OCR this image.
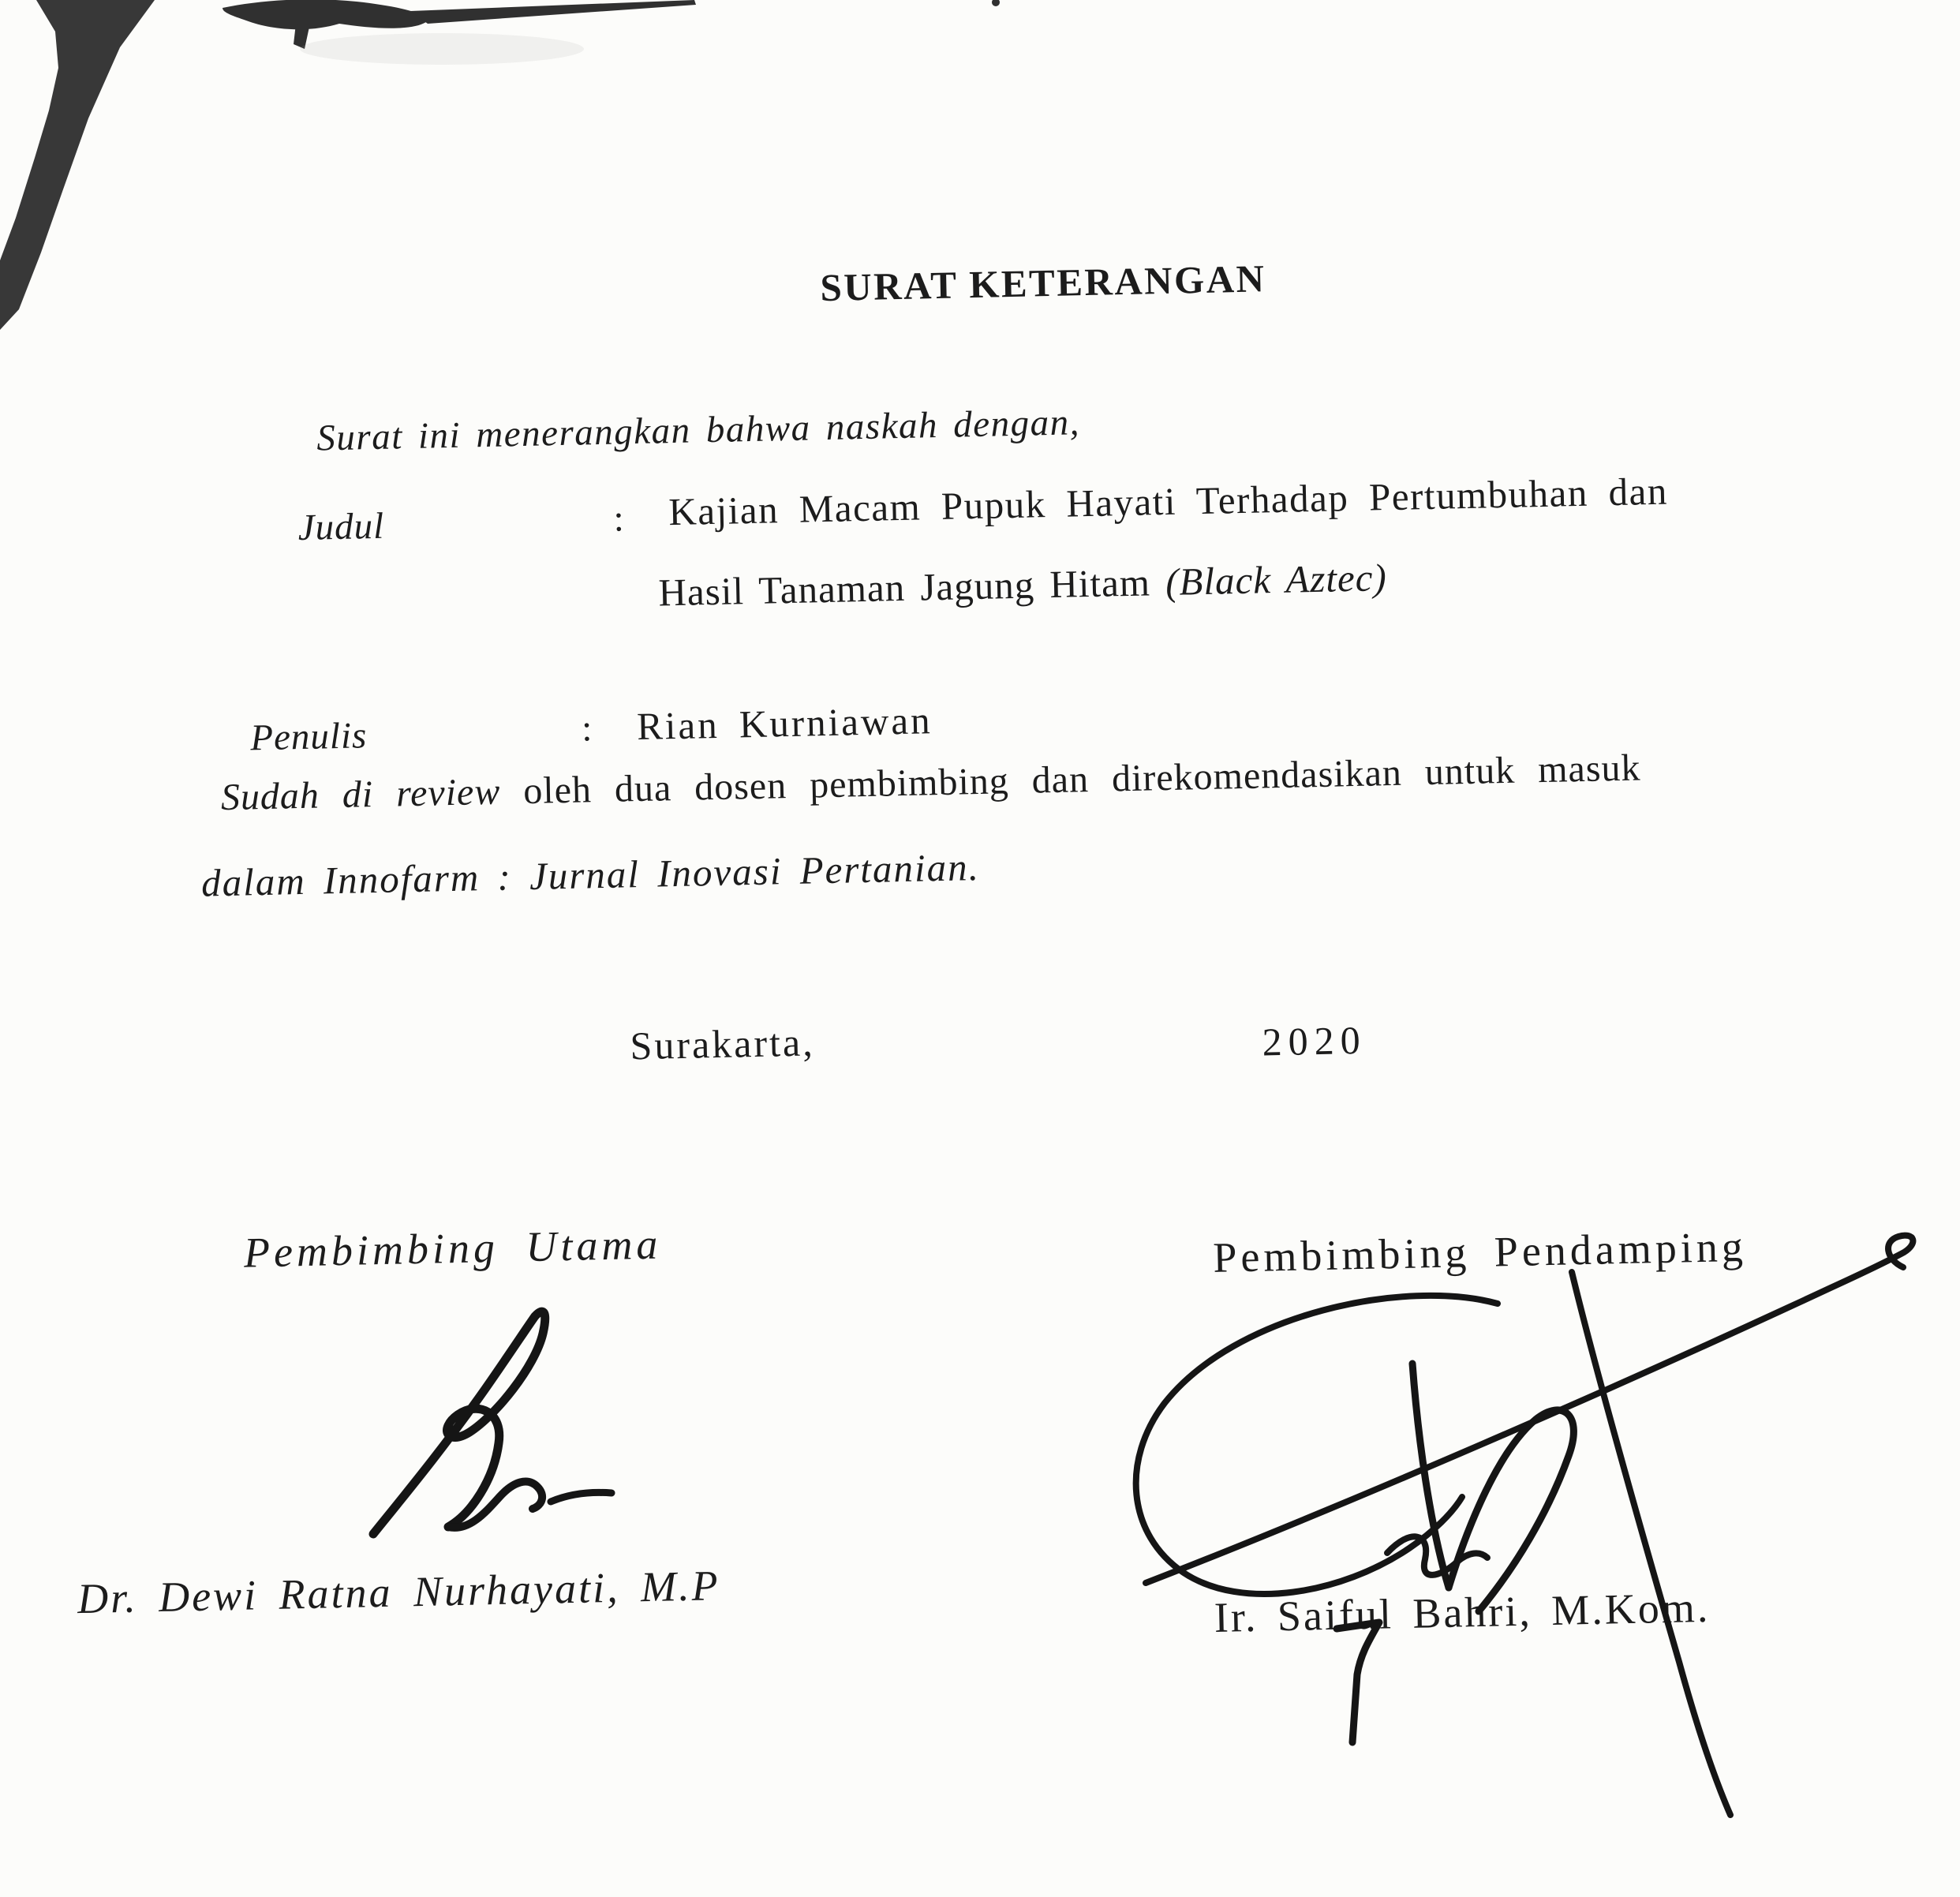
SURAT KETERANGAN
Surat ini menerangkan bahwa naskah dengan,
Judul	: Kajian Macam Pupuk Hayati Terhadap Pertumbuhan dan
Hasil Tanaman Jagung Hitam (Black Aztec)
Penulis	: Rian Kurniawan
Sudah di review oleh dua dosen pembimbing dan direkomendasikan untuk masuk
dalam Innofarm : Jurnal Inovasi Pertanian.
Surakarta,	2020
Pembimbing Utama	Pembimbing Pendamping
Dr. Dewi Ratna Nurhayati, M.P	Ir. Saiful Bahri, M.Kom.
